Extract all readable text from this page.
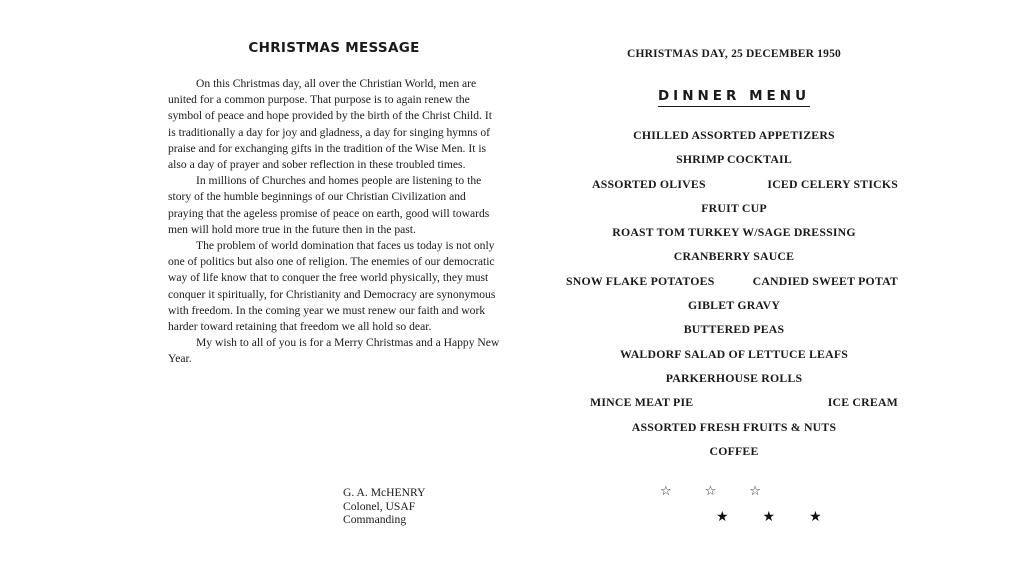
CHRISTMAS MESSAGE

On this Christmas day, all over the Christian World, men are united for a common purpose. That purpose is to again renew the symbol of peace and hope provided by the birth of the Christ Child. It is traditionally a day for joy and gladness, a day for singing hymns of praise and for exchanging gifts in the tradition of the Wise Men. It is also a day of prayer and sober reflection in these troubled times.

In millions of Churches and homes people are listening to the story of the humble beginnings of our Christian Civilization and praying that the ageless promise of peace on earth, good will towards men will hold more true in the future then in the past.

The problem of world domination that faces us today is not only one of politics but also one of religion. The enemies of our democratic way of life know that to conquer the free world physically, they must conquer it spiritually, for Christianity and Democracy are synonymous with freedom. In the coming year we must renew our faith and work harder toward retaining that freedom we all hold so dear.

My wish to all of you is for a Merry Christmas and a Happy New Year.

G. A. McHENRY
Colonel, USAF
Commanding
CHRISTMAS DAY, 25 DECEMBER 1950
DINNER MENU
CHILLED ASSORTED APPETIZERS
SHRIMP COCKTAIL
ASSORTED OLIVES	ICED CELERY STICKS
FRUIT CUP
ROAST TOM TURKEY W/SAGE DRESSING
CRANBERRY SAUCE
SNOW FLAKE POTATOES	CANDIED SWEET POTAT
GIBLET GRAVY
BUTTERED PEAS
WALDORF SALAD OF LETTUCE LEAFS
PARKERHOUSE ROLLS
MINCE MEAT PIE	ICE CREAM
ASSORTED FRESH FRUITS & NUTS
COFFEE
☆☆☆
★★★
